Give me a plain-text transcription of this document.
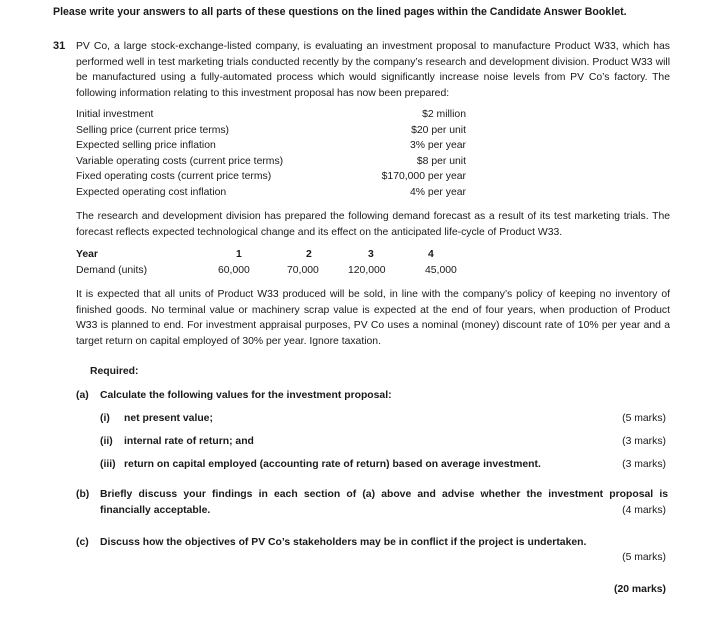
Please write your answers to all parts of these questions on the lined pages within the Candidate Answer Booklet.
31 PV Co, a large stock-exchange-listed company, is evaluating an investment proposal to manufacture Product W33, which has performed well in test marketing trials conducted recently by the company’s research and development division. Product W33 will be manufactured using a fully-automated process which would significantly increase noise levels from PV Co’s factory. The following information relating to this investment proposal has now been prepared:
Initial investment	$2 million
Selling price (current price terms)	$20 per unit
Expected selling price inflation	3% per year
Variable operating costs (current price terms)	$8 per unit
Fixed operating costs (current price terms)	$170,000 per year
Expected operating cost inflation	4% per year
The research and development division has prepared the following demand forecast as a result of its test marketing trials. The forecast reflects expected technological change and its effect on the anticipated life-cycle of Product W33.
Year	1	2	3	4
Demand (units)	60,000	70,000	120,000	45,000
It is expected that all units of Product W33 produced will be sold, in line with the company’s policy of keeping no inventory of finished goods. No terminal value or machinery scrap value is expected at the end of four years, when production of Product W33 is planned to end. For investment appraisal purposes, PV Co uses a nominal (money) discount rate of 10% per year and a target return on capital employed of 30% per year. Ignore taxation.
Required:
(a) Calculate the following values for the investment proposal:
(i) net present value;	(5 marks)
(ii) internal rate of return; and	(3 marks)
(iii) return on capital employed (accounting rate of return) based on average investment.	(3 marks)
(b) Briefly discuss your findings in each section of (a) above and advise whether the investment proposal is financially acceptable.	(4 marks)
(c) Discuss how the objectives of PV Co’s stakeholders may be in conflict if the project is undertaken.
(5 marks)
(20 marks)
